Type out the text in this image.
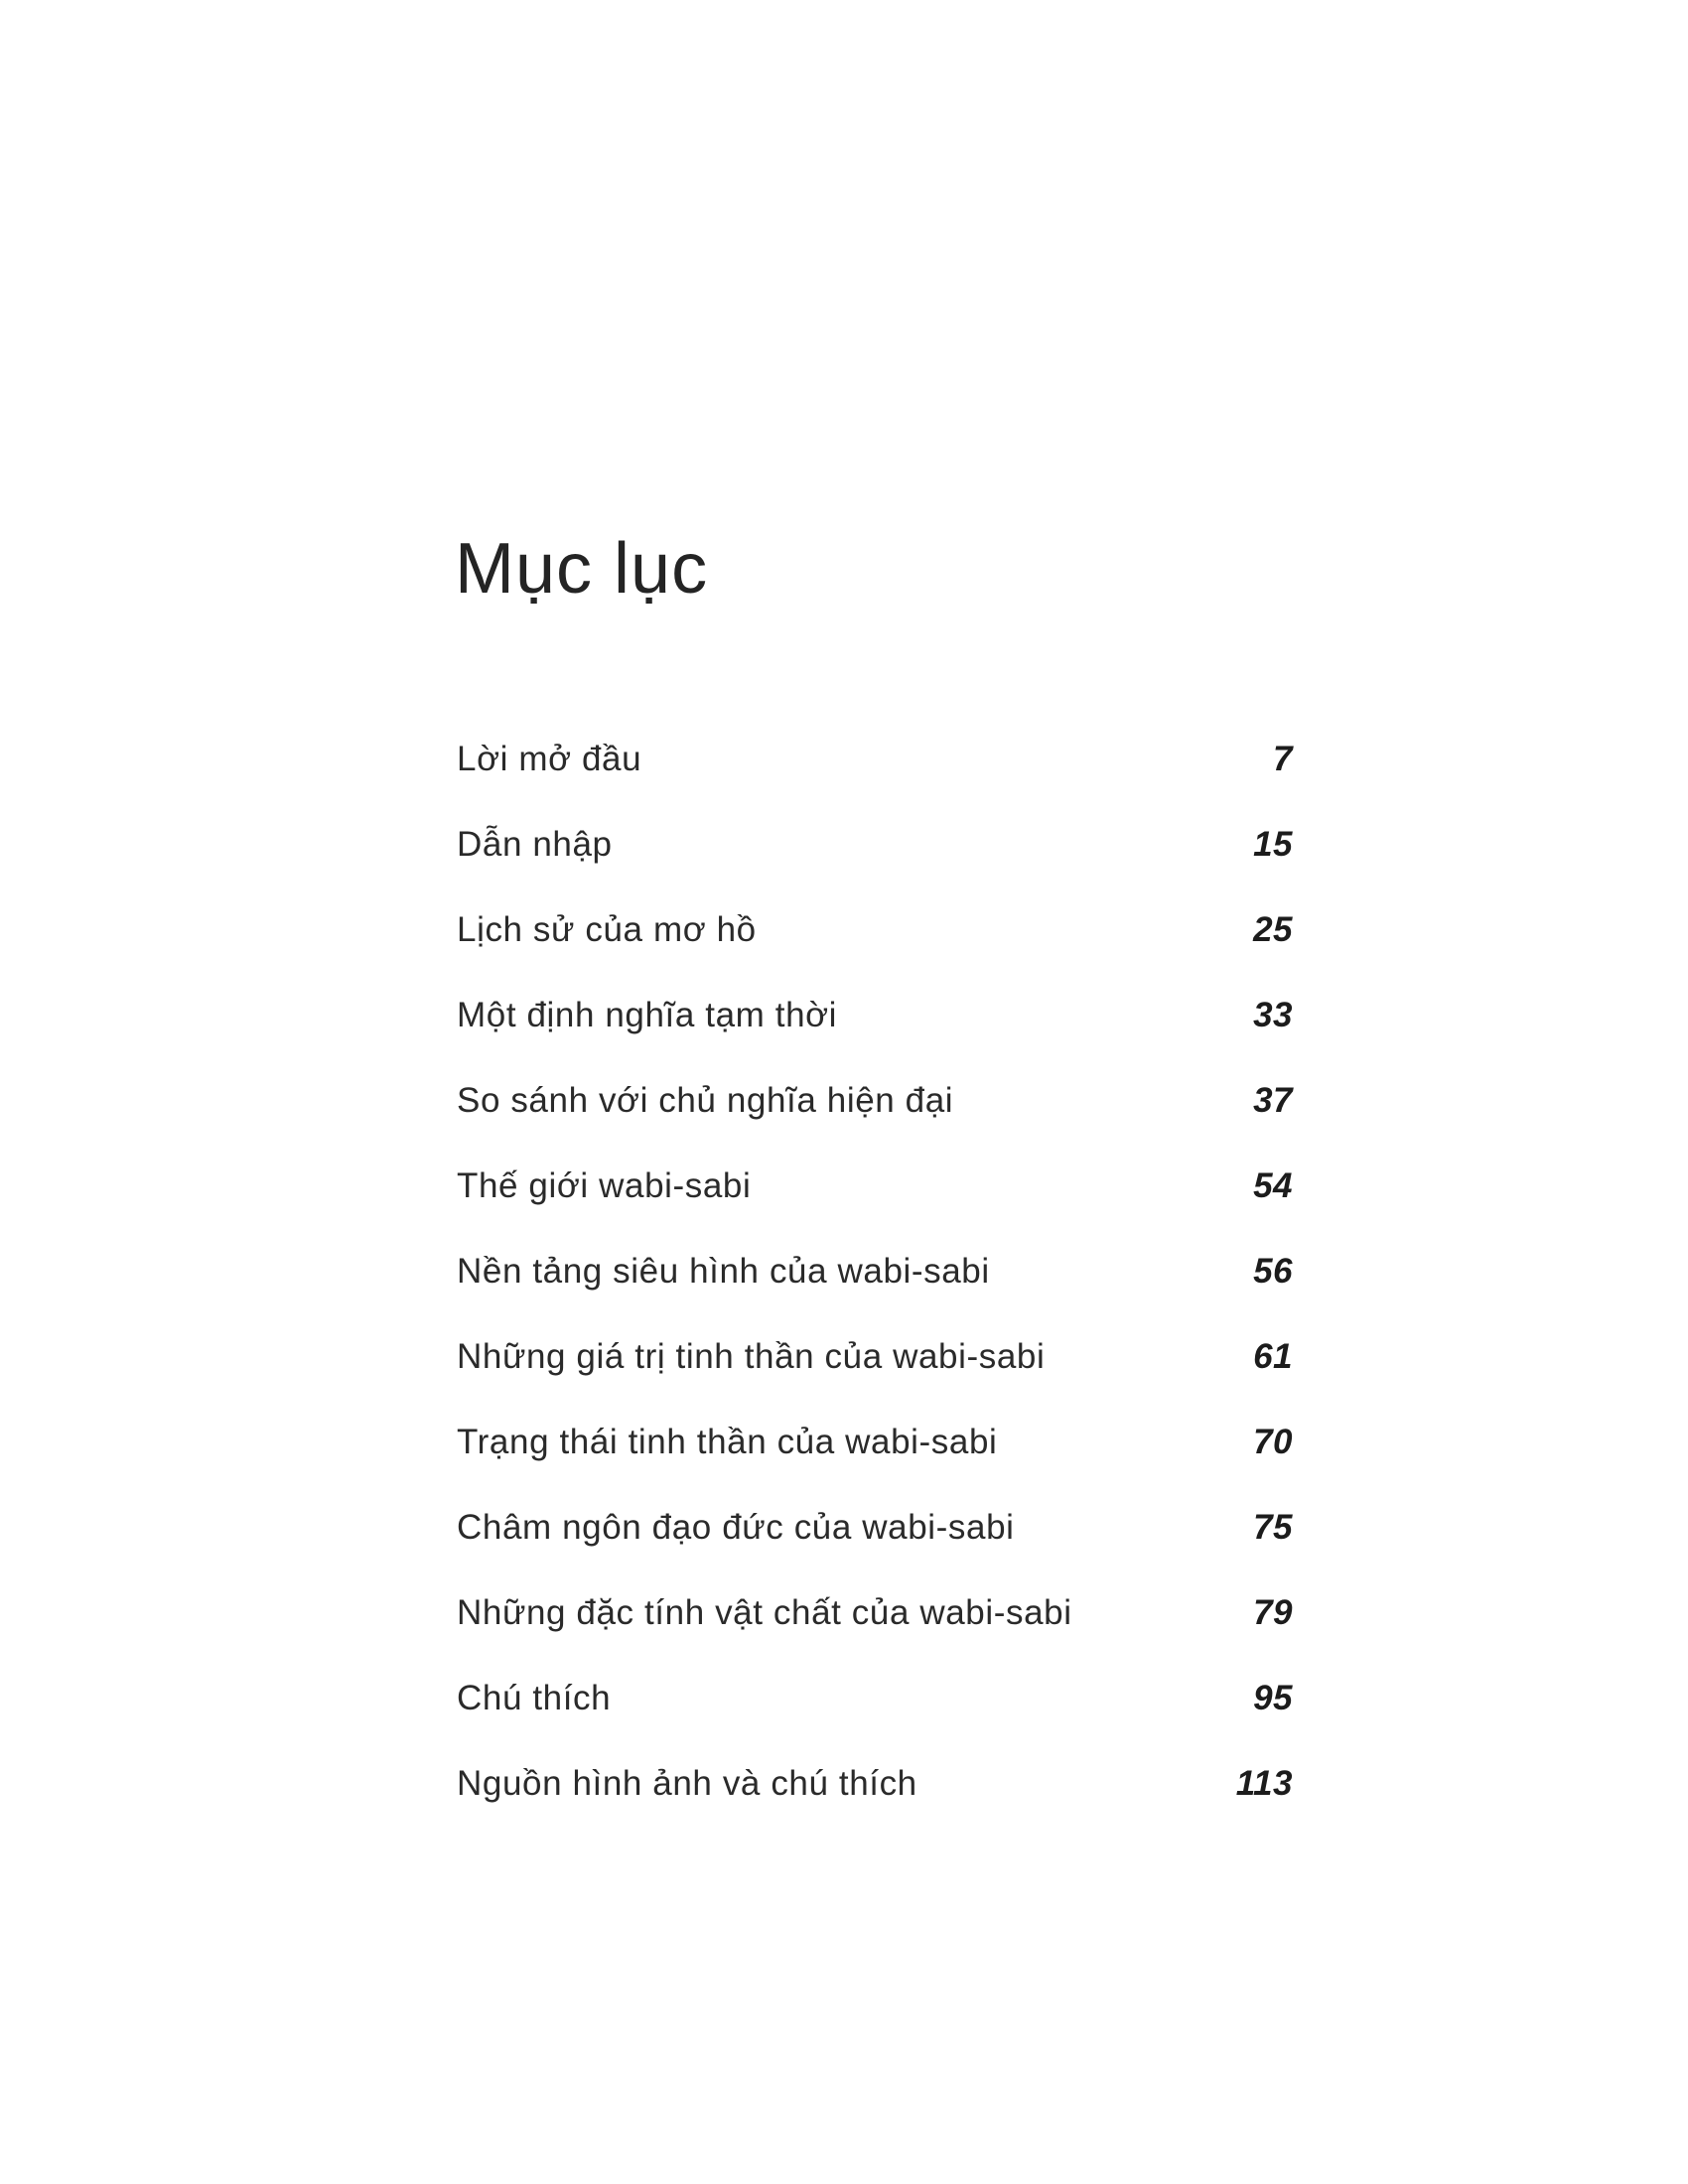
Mục lục
Lời mở đầu	7
Dẫn nhập	15
Lịch sử của mơ hồ	25
Một định nghĩa tạm thời	33
So sánh với chủ nghĩa hiện đại	37
Thế giới wabi-sabi	54
Nền tảng siêu hình của wabi-sabi	56
Những giá trị tinh thần của wabi-sabi	61
Trạng thái tinh thần của wabi-sabi	70
Châm ngôn đạo đức của wabi-sabi	75
Những đặc tính vật chất của wabi-sabi	79
Chú thích	95
Nguồn hình ảnh và chú thích	113
